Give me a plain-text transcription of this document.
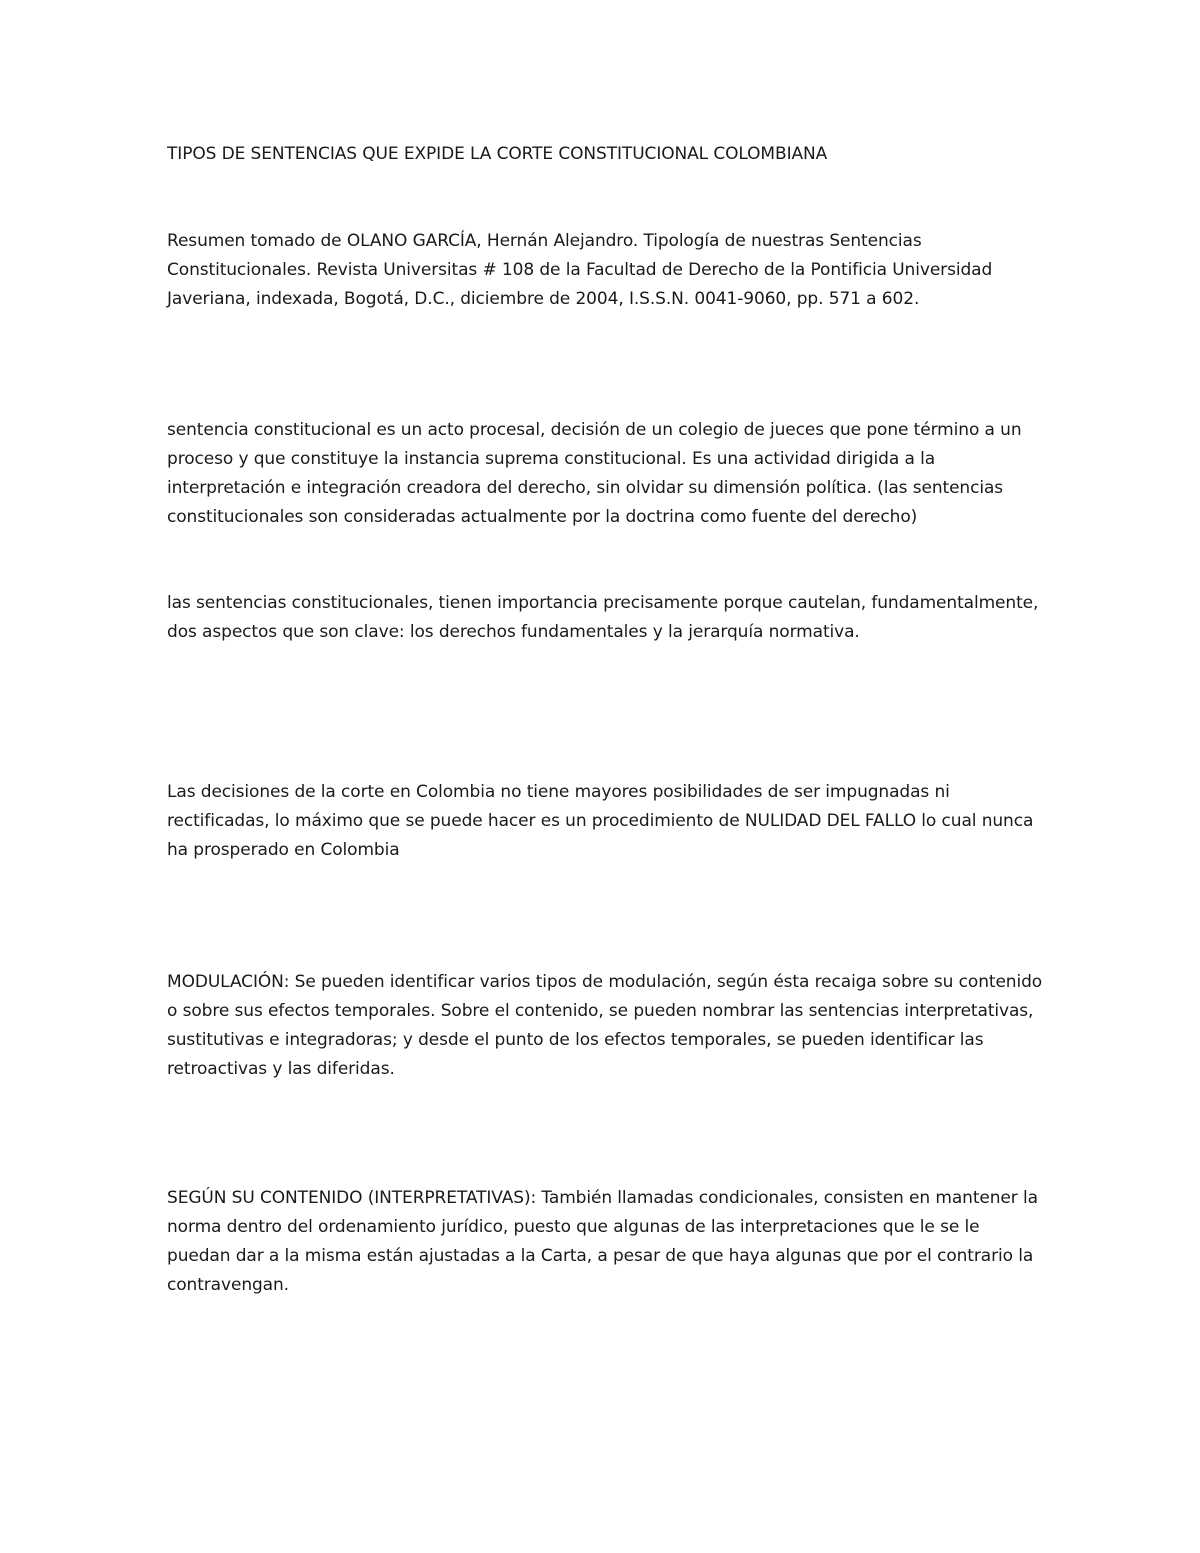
TIPOS DE SENTENCIAS QUE EXPIDE LA CORTE CONSTITUCIONAL COLOMBIANA

Resumen tomado de OLANO GARCÍA, Hernán Alejandro. Tipología de nuestras Sentencias Constitucionales. Revista Universitas # 108 de la Facultad de Derecho de la Pontificia Universidad Javeriana, indexada, Bogotá, D.C., diciembre de 2004, I.S.S.N. 0041-9060, pp. 571 a 602.

sentencia constitucional es un acto procesal, decisión de un colegio de jueces que pone término a un proceso y que constituye la instancia suprema constitucional. Es una actividad dirigida a la interpretación e integración creadora del derecho, sin olvidar su dimensión política. (las sentencias constitucionales son consideradas actualmente por la doctrina como fuente del derecho)

las sentencias constitucionales, tienen importancia precisamente porque cautelan, fundamentalmente, dos aspectos que son clave: los derechos fundamentales y la jerarquía normativa.

Las decisiones de la corte en Colombia no tiene mayores posibilidades de ser impugnadas ni rectificadas, lo máximo que se puede hacer es un procedimiento de NULIDAD DEL FALLO lo cual nunca ha prosperado en Colombia

MODULACIÓN: Se pueden identificar varios tipos de modulación, según ésta recaiga sobre su contenido o sobre sus efectos temporales. Sobre el contenido, se pueden nombrar las sentencias interpretativas, sustitutivas e integradoras; y desde el punto de los efectos temporales, se pueden identificar las retroactivas y las diferidas.

SEGÚN SU CONTENIDO (INTERPRETATIVAS): También llamadas condicionales, consisten en mantener la norma dentro del ordenamiento jurídico, puesto que algunas de las interpretaciones que le se le puedan dar a la misma están ajustadas a la Carta, a pesar de que haya algunas que por el contrario la contravengan.
